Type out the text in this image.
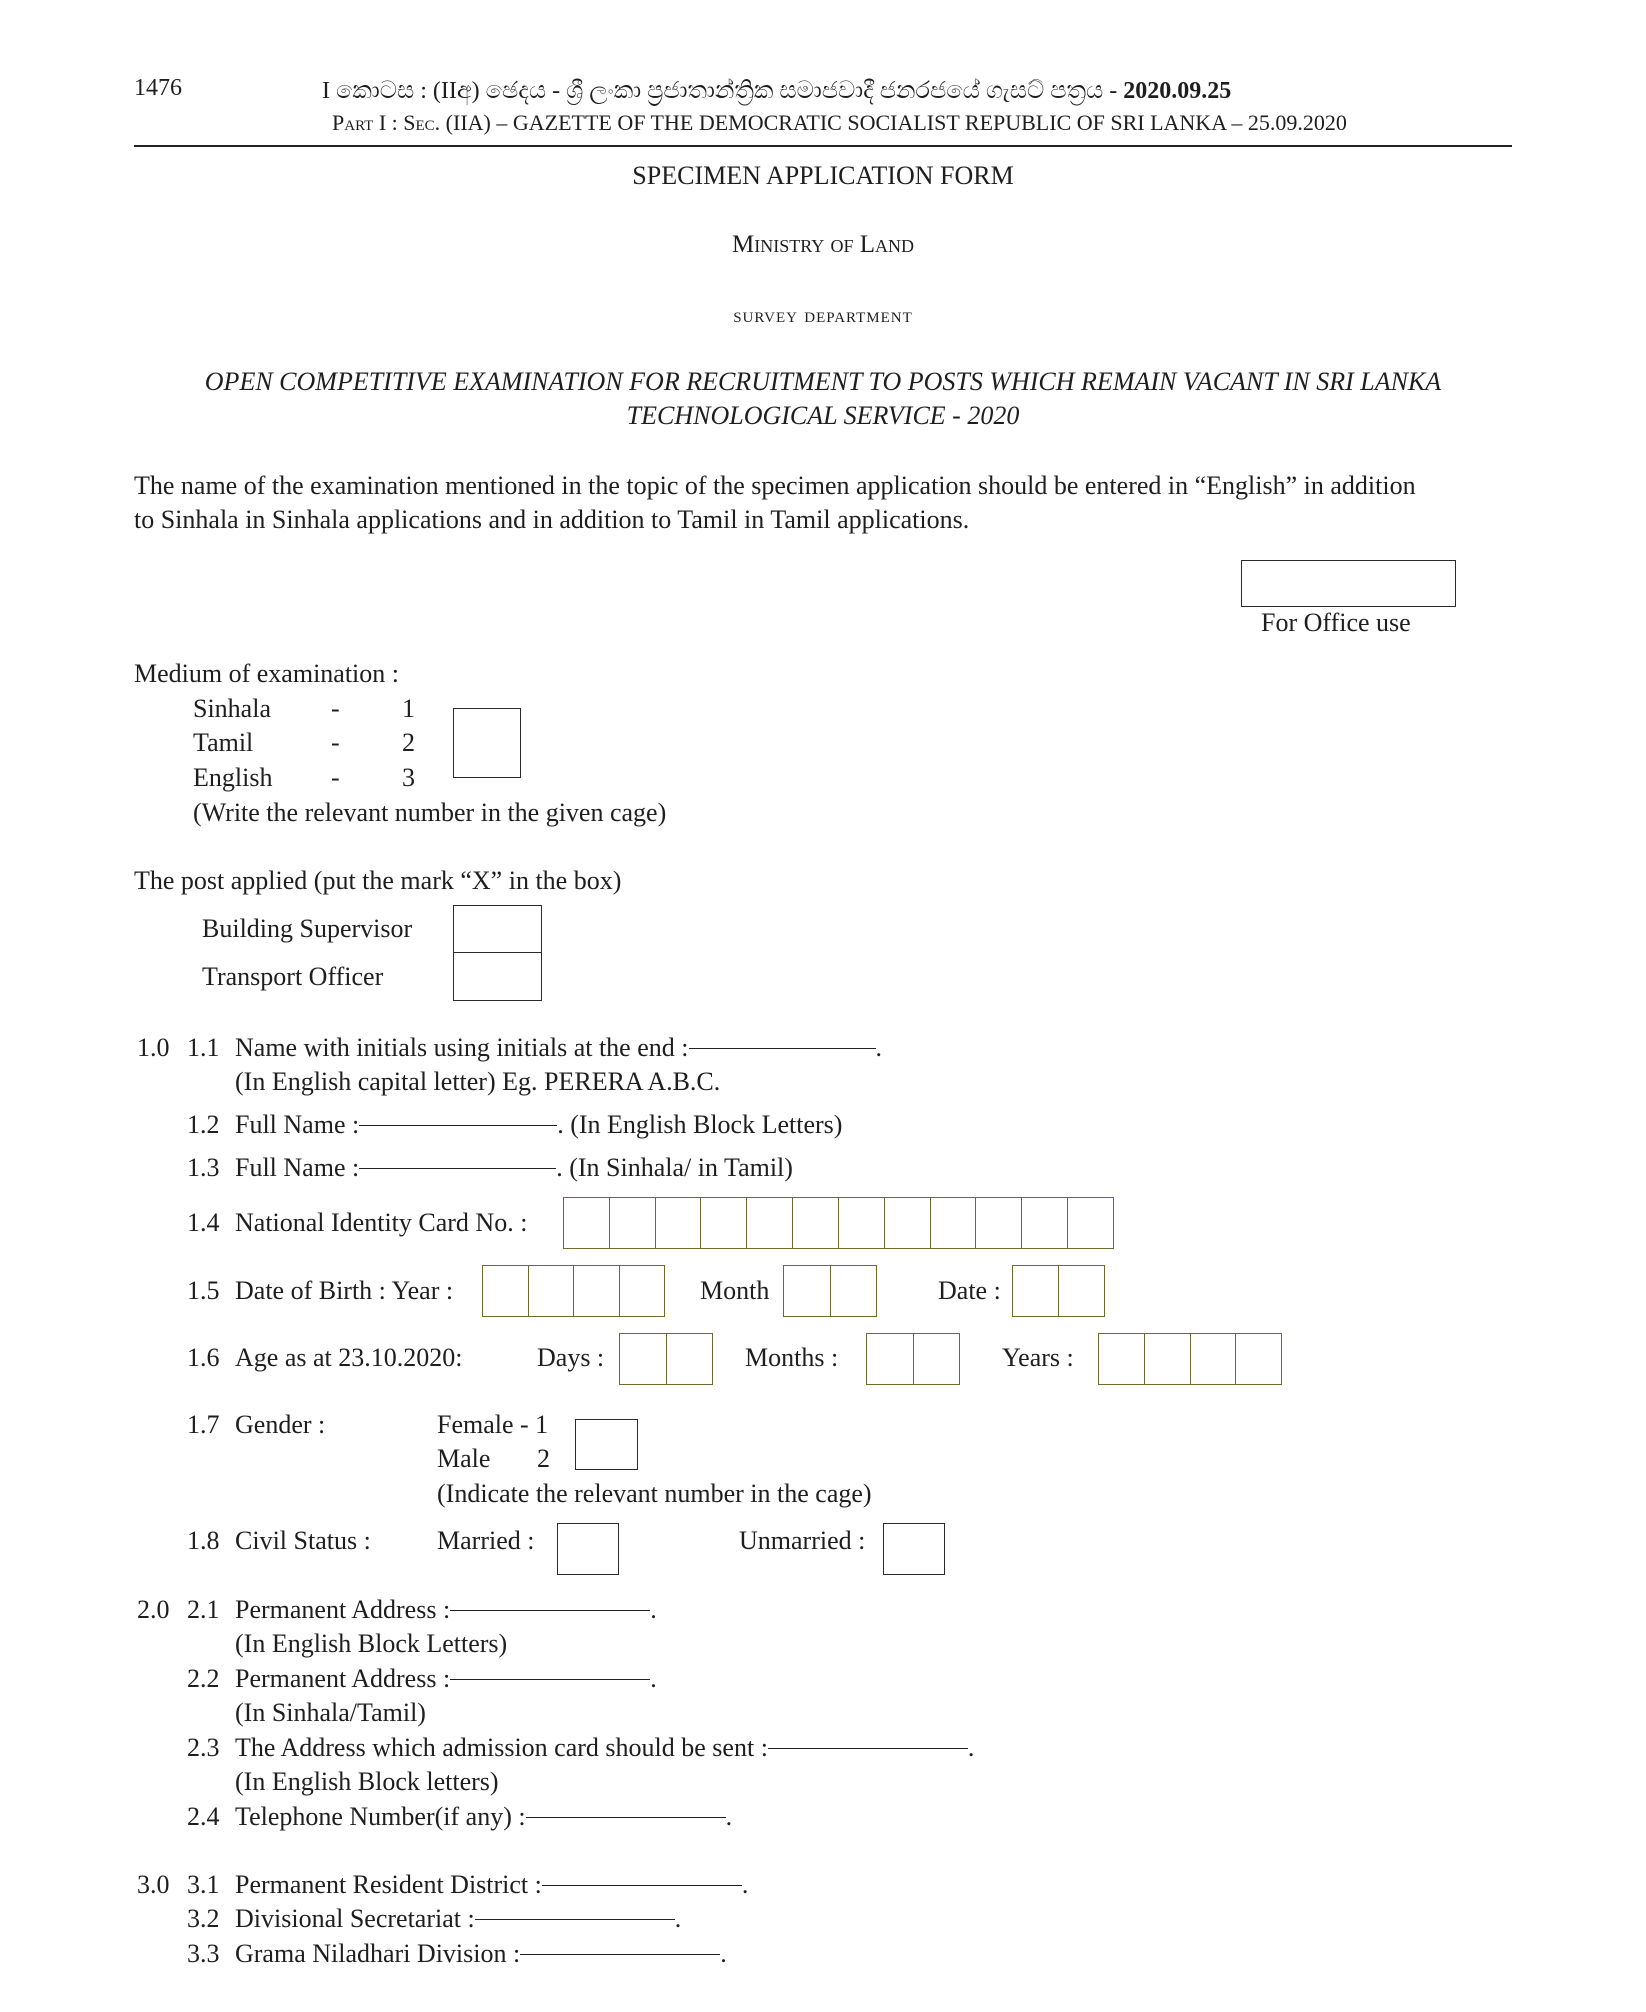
1476	I කොටස : (IIඅ) ඡෙදය - ශ්‍රී ලංකා ප්‍රජාතාන්ත්‍රික සමාජවාදී ජනරජයේ ගැසට් පත්‍රය - 2020.09.25
Part I : Sec. (IIA) – GAZETTE OF THE DEMOCRATIC SOCIALIST REPUBLIC OF SRI LANKA – 25.09.2020
SPECIMEN APPLICATION FORM
Ministry of Land
survey department
OPEN COMPETITIVE EXAMINATION FOR RECRUITMENT TO POSTS WHICH REMAIN VACANT IN SRI LANKA
TECHNOLOGICAL SERVICE - 2020
The name of the examination mentioned in the topic of the specimen application should be entered in “English” in addition
to Sinhala in Sinhala applications and in addition to Tamil in Tamil applications.
For Office use
Medium of examination :
Sinhala - 1
Tamil	- 2
English - 3
(Write the relevant number in the given cage)
The post applied (put the mark “X” in the box)
Building Supervisor
Transport Officer
1.0 1.1 Name with initials using initials at the end :	.
(In English capital letter) Eg. PERERA A.B.C.
1.2 Full Name :	. (In English Block Letters)
1.3 Full Name :	. (In Sinhala/ in Tamil)
1.4 National Identity Card No. :
1.5 Date of Birth : Year :	Month	Date :
1.6 Age as at 23.10.2020:	Days :	Months :	Years :
1.7 Gender :	Female - 1
Male 2
(Indicate the relevant number in the cage)
1.8 Civil Status :	Married :	Unmarried :
2.0 2.1 Permanent Address :	.
(In English Block Letters)
2.2 Permanent Address :	.
(In Sinhala/Tamil)
2.3 The Address which admission card should be sent :	.
(In English Block letters)
2.4 Telephone Number(if any) :	.
3.0 3.1 Permanent Resident District :	.
3.2 Divisional Secretariat :	.
3.3 Grama Niladhari Division :	.
